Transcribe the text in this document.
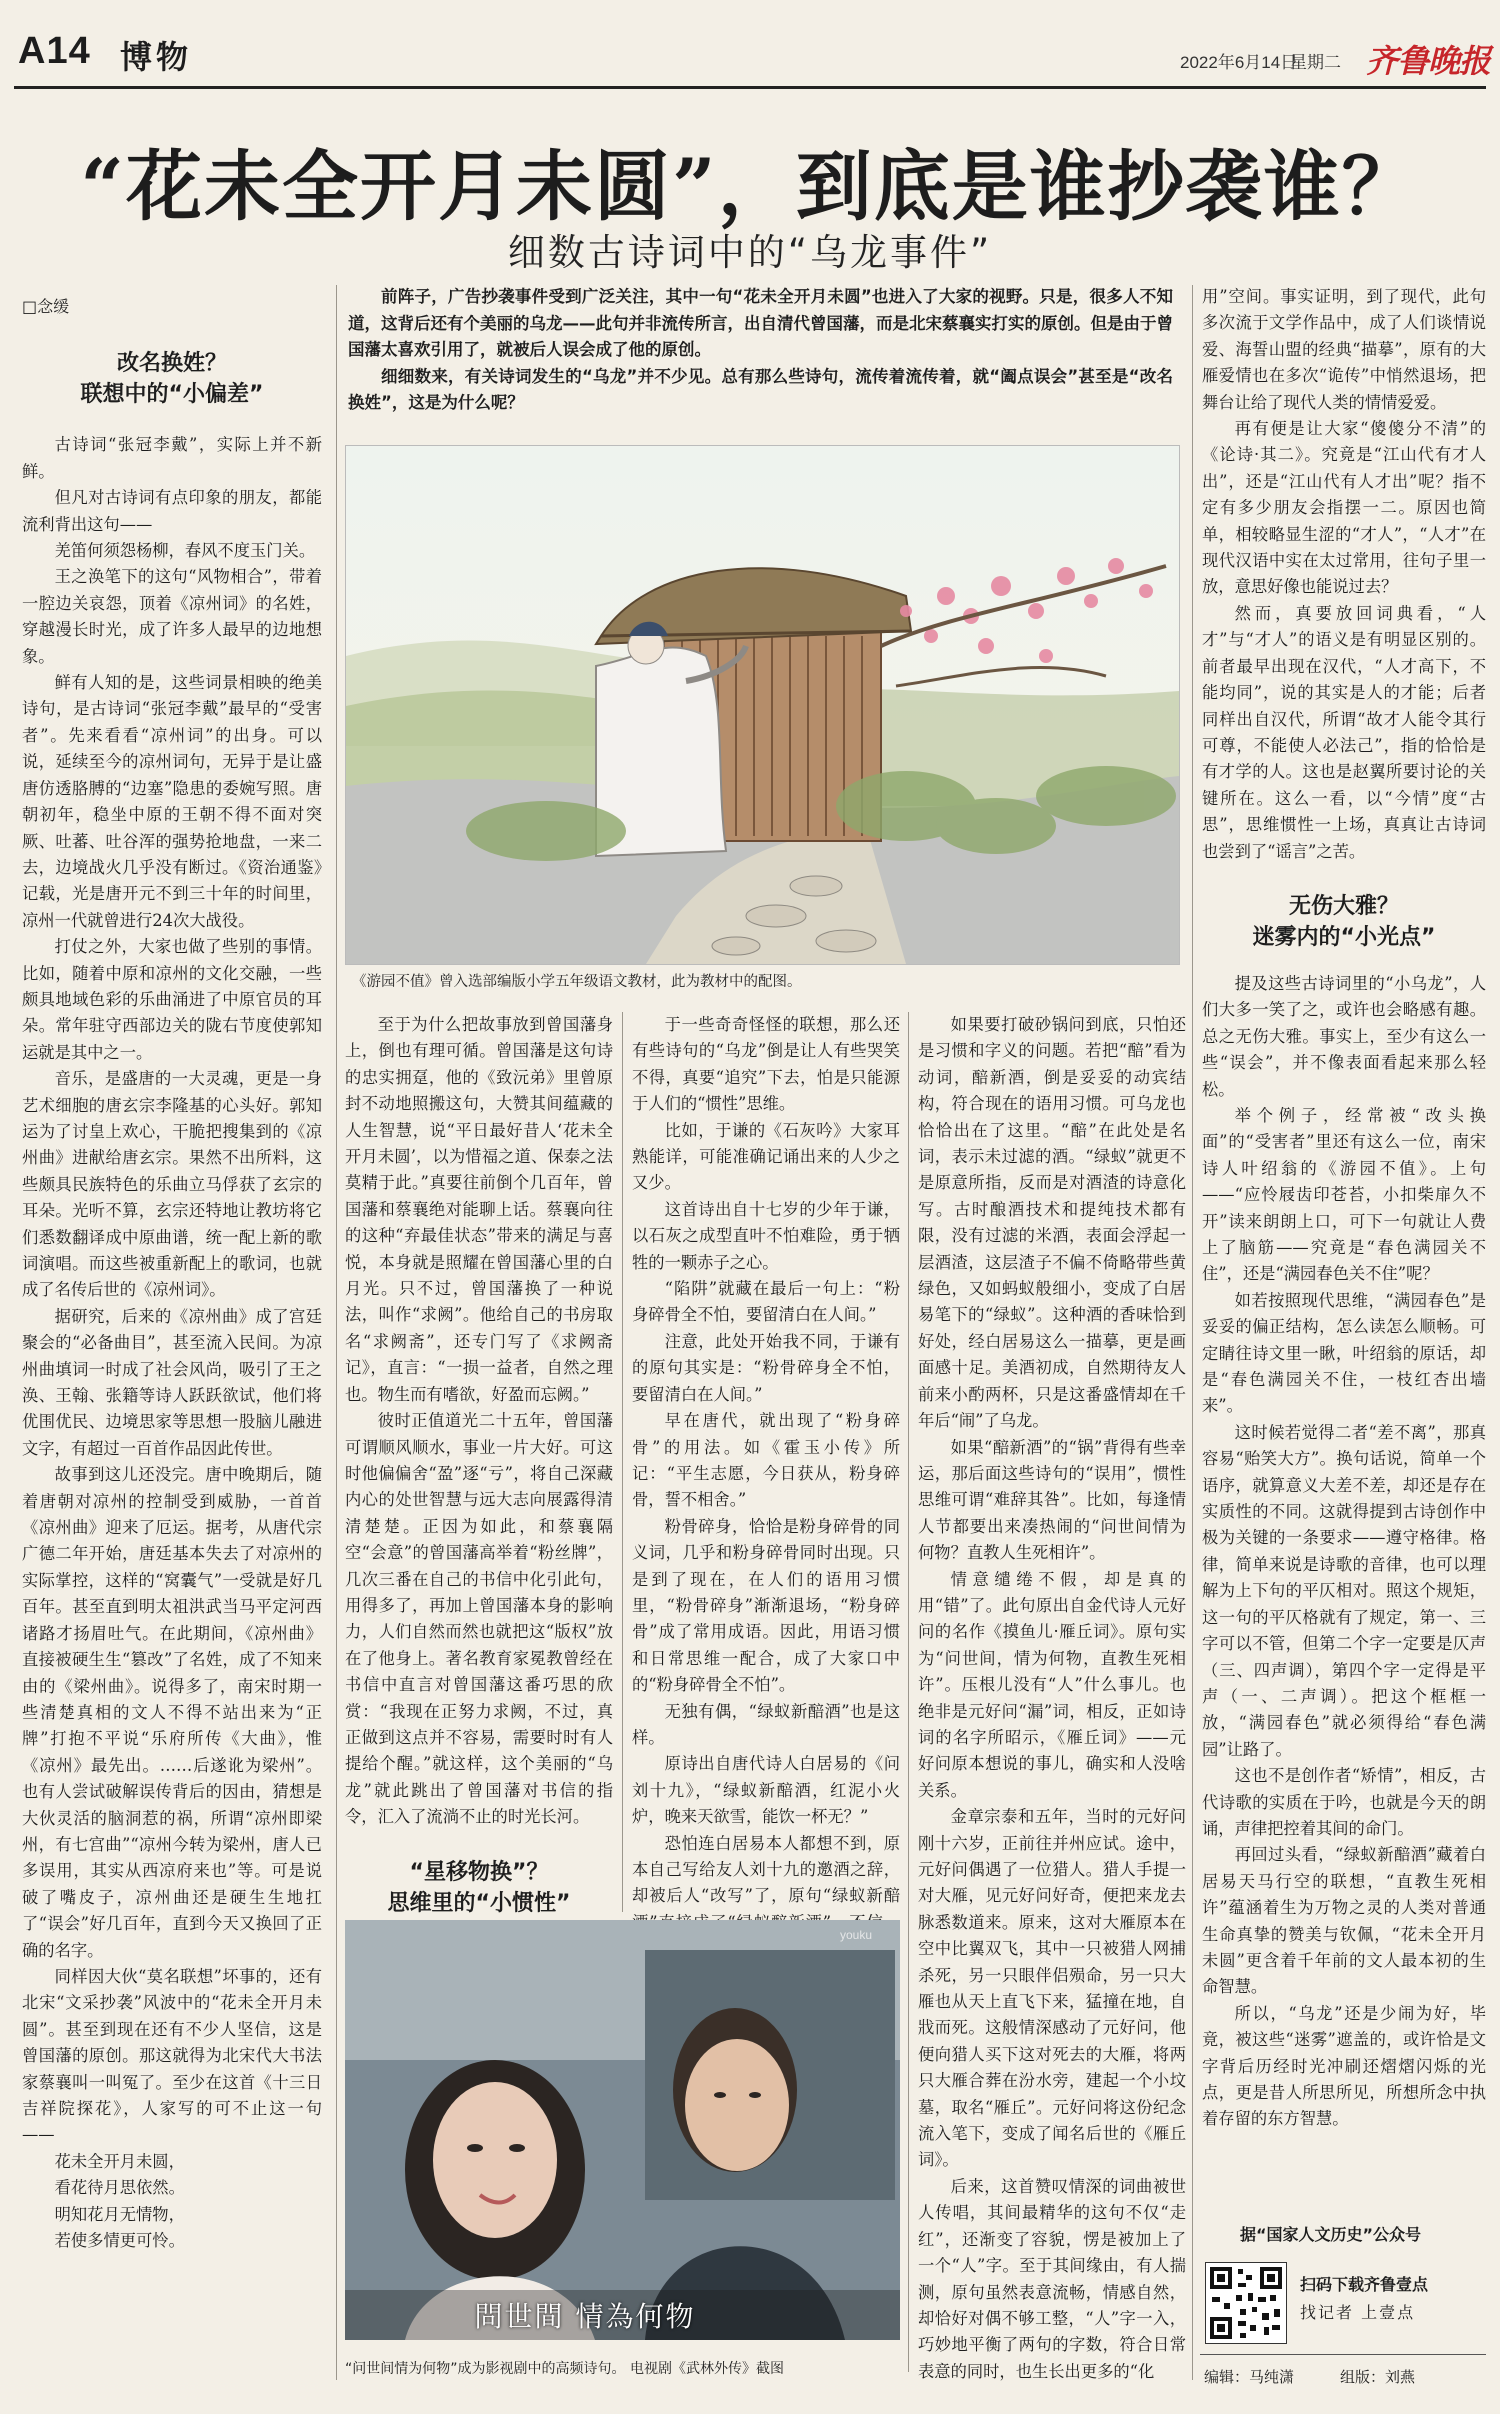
A14 博物	2022年6月14日
星期二 齐鲁晚报
“花未全开月未圆”，到底是谁抄袭谁？
细数古诗词中的“乌龙事件”
□念缓
改名换姓？
联想中的“小偏差”

古诗词“张冠李戴”，实际上并不新鲜。

但凡对古诗词有点印象的朋友，都能流利背出这句——

羌笛何须怨杨柳，春风不度玉门关。

王之涣笔下的这句“风物相合”，带着一腔边关哀怨，顶着《凉州词》的名姓，穿越漫长时光，成了许多人最早的边地想象。

鲜有人知的是，这些词景相映的绝美诗句，是古诗词“张冠李戴”最早的“受害者”。先来看看“凉州词”的出身。可以说，延续至今的凉州词句，无异于是让盛唐仿透胳膊的“边塞”隐患的委婉写照。唐朝初年，稳坐中原的王朝不得不面对突厥、吐蕃、吐谷浑的强势抢地盘，一来二去，边境战火几乎没有断过。《资治通鉴》记载，光是唐开元不到三十年的时间里，凉州一代就曾进行24次大战役。

打仗之外，大家也做了些别的事情。比如，随着中原和凉州的文化交融，一些颇具地域色彩的乐曲涌进了中原官员的耳朵。常年驻守西部边关的陇右节度使郭知运就是其中之一。

音乐，是盛唐的一大灵魂，更是一身艺术细胞的唐玄宗李隆基的心头好。郭知运为了讨皇上欢心，干脆把搜集到的《凉州曲》进献给唐玄宗。果然不出所料，这些颇具民族特色的乐曲立马俘获了玄宗的耳朵。光听不算，玄宗还特地让教坊将它们悉数翻译成中原曲谱，统一配上新的歌词演唱。而这些被重新配上的歌词，也就成了名传后世的《凉州词》。

据研究，后来的《凉州曲》成了宫廷聚会的“必备曲目”，甚至流入民间。为凉州曲填词一时成了社会风尚，吸引了王之涣、王翰、张籍等诗人跃跃欲试，他们将优围优民、边境思家等思想一股脑儿融进文字，有超过一百首作品因此传世。

故事到这儿还没完。唐中晚期后，随着唐朝对凉州的控制受到威胁，一首首《凉州曲》迎来了厄运。据考，从唐代宗广德二年开始，唐廷基本失去了对凉州的实际掌控，这样的“窝囊气”一受就是好几百年。甚至直到明太祖洪武当马平定河西诸路才扬眉吐气。在此期间，《凉州曲》直接被硬生生“篡改”了名姓，成了不知来由的《梁州曲》。说得多了，南宋时期一些清楚真相的文人不得不站出来为“正牌”打抱不平说“乐府所传《大曲》，惟《凉州》最先出。……后遂讹为梁州”。也有人尝试破解误传背后的因由，猜想是大伙灵活的脑洞惹的祸，所谓“凉州即梁州，有七宫曲”“凉州今转为梁州，唐人已多误用，其实从西凉府来也”等。可是说破了嘴皮子，凉州曲还是硬生生地扛了“误会”好几百年，直到今天又换回了正确的名字。

同样因大伙“莫名联想”坏事的，还有北宋“文采抄袭”风波中的“花未全开月未圆”。甚至到现在还有不少人坚信，这是曾国藩的原创。那这就得为北宋代大书法家蔡襄叫一叫冤了。至少在这首《十三日吉祥院探花》，人家写的可不止这一句——

花未全开月未圆，

看花待月思依然。

明知花月无情物，

若使多情更可怜。

前阵子，广告抄袭事件受到广泛关注，其中一句“花未全开月未圆”也进入了大家的视野。只是，很多人不知道，这背后还有个美丽的乌龙——此句并非流传所言，出自清代曾国藩，而是北宋蔡襄实打实的原创。但是由于曾国藩太喜欢引用了，就被后人误会成了他的原创。

细细数来，有关诗词发生的“乌龙”并不少见。总有那么些诗句，流传着流传着，就“阖点误会”甚至是“改名换姓”，这是为什么呢？

《游园不值》曾入选部编版小学五年级语文教材，此为教材中的配图。

至于为什么把故事放到曾国藩身上，倒也有理可循。曾国藩是这句诗的忠实拥趸，他的《致沅弟》里曾原封不动地照搬这句，大赞其间蕴藏的人生智慧，说“平日最好昔人‘花未全开月未圆’，以为惜福之道、保泰之法莫精于此。”真要往前倒个几百年，曾国藩和蔡襄绝对能聊上话。蔡襄向往的这种“弃最佳状态”带来的满足与喜悦，本身就是照耀在曾国藩心里的白月光。只不过，曾国藩换了一种说法，叫作“求阙”。他给自己的书房取名“求阙斋”，还专门写了《求阙斋记》，直言：“一损一益者，自然之理也。物生而有嗜欲，好盈而忘阙。”

彼时正值道光二十五年，曾国藩可谓顺风顺水，事业一片大好。可这时他偏偏舍“盈”逐“亏”，将自己深藏内心的处世智慧与远大志向展露得清清楚楚。正因为如此，和蔡襄隔空“会意”的曾国藩高举着“粉丝牌”，几次三番在自己的书信中化引此句，用得多了，再加上曾国藩本身的影响力，人们自然而然也就把这“版权”放在了他身上。著名教育家冕教曾经在书信中直言对曾国藩这番巧思的欣赏：“我现在正努力求阙，不过，真正做到这点并不容易，需要时时有人提给个醒。”就这样，这个美丽的“乌龙”就此跳出了曾国藩对书信的指令，汇入了流淌不止的时光长河。

“星移物换”？
思维里的“小惯性”

于一些奇奇怪怪的联想，那么还有些诗句的“乌龙”倒是让人有些哭笑不得，真要“追究”下去，怕是只能源于人们的“惯性”思维。

比如，于谦的《石灰吟》大家耳熟能详，可能准确记诵出来的人少之又少。

这首诗出自十七岁的少年于谦，以石灰之成型直叶不怕难险，勇于牺牲的一颗赤子之心。

“陷阱”就藏在最后一句上：“粉身碎骨全不怕，要留清白在人间。”

注意，此处开始我不同，于谦有的原句其实是：“粉骨碎身全不怕，要留清白在人间。”

早在唐代，就出现了“粉身碎骨”的用法。如《霍玉小传》所记：“平生志愿，今日获从，粉身碎骨，誓不相舍。”

粉骨碎身，恰恰是粉身碎骨的同义词，几乎和粉身碎骨同时出现。只是到了现在，在人们的语用习惯里，“粉骨碎身”渐渐退场，“粉身碎骨”成了常用成语。因此，用语习惯和日常思维一配合，成了大家口中的“粉身碎骨全不怕”。

无独有偶，“绿蚁新醅酒”也是这样。

原诗出自唐代诗人白居易的《问刘十九》，“绿蚁新醅酒，红泥小火炉，晚来天欲雪，能饮一杯无？”

恐怕连白居易本人都想不到，原本自己写给友人刘十九的邀酒之辞，却被后人“改写”了，原句“绿蚁新醅

問世間 情為何物
youku
“问世间情为何物”成为影视剧中的高频诗句。 电视剧《武林外传》截图

如果要打破砂锅问到底，只怕还是习惯和字义的问题。若把“醅”看为动词，醅新酒，倒是妥妥的动宾结构，符合现在的语用习惯。可乌龙也恰恰出在了这里。“醅”在此处是名词，表示未过滤的酒。“绿蚁”就更不是原意所指，反而是对酒渣的诗意化写。古时酿酒技术和提纯技术都有限，没有过滤的米酒，表面会浮起一层酒渣，这层渣子不偏不倚略带些黄绿色，又如蚂蚁般细小，变成了白居易笔下的“绿蚁”。这种酒的香味恰到好处，经白居易这么一描摹，更是画面感十足。美酒初成，自然期待友人前来小酌两杯，只是这番盛情却在千年后“闹”了乌龙。

如果“醅新酒”的“锅”背得有些幸运，那后面这些诗句的“误用”，惯性思维可谓“难辞其咎”。比如，每逢情人节都要出来凑热闹的“问世间情为何物？直教人生死相许”。

情意缱绻不假，却是真的用“错”了。此句原出自金代诗人元好问的名作《摸鱼儿·雁丘词》。原句实为“问世间，情为何物，直教生死相许”。压根儿没有“人”什么事儿。也绝非是元好问“漏”词，相反，正如诗词的名字所昭示，《雁丘词》——元好问原本想说的事儿，确实和人没啥关系。

金章宗泰和五年，当时的元好问刚十六岁，正前往并州应试。途中，元好问偶遇了一位猎人。猎人手提一对大雁，见元好问好奇，便把来龙去脉悉数道来。原来，这对大雁原本在空中比翼双飞，其中一只被猎人网捕杀死，另一只眼伴侣殒命，另一只大雁也从天上直飞下来，猛撞在地，自戕而死。这般情深感动了元好问，他便向猎人买下这对死去的大雁，将两只大雁合葬在汾水旁，建起一个小坟墓，取名“雁丘”。元好问将这份纪念流入笔下，变成了闻名后世的《雁丘词》。

后来，这首赞叹情深的词曲被世人传唱，其间最精华的这句不仅“走红”，还渐变了容貌，愣是被加上了一个“人”字。至于其间缘由，有人揣测，原句虽然表意流畅，情感自然，却恰好对偶不够工整，“人”字一入，巧妙地平衡了两句的字数，符合日常表意的同时，也生长出更多的“化

用”空间。事实证明，到了现代，此句多次流于文学作品中，成了人们谈情说爱、海誓山盟的经典“描摹”，原有的大雁爱情也在多次“诡传”中悄然退场，把舞台让给了现代人类的情情爱爱。

再有便是让大家“傻傻分不清”的《论诗·其二》。究竟是“江山代有才人出”，还是“江山代有人才出”呢？指不定有多少朋友会指摆一二。原因也简单，相较略显生涩的“才人”，“人才”在现代汉语中实在太过常用，往句子里一放，意思好像也能说过去？

然而，真要放回词典看，“人才”与“才人”的语义是有明显区别的。前者最早出现在汉代，“人才高下，不能均同”，说的其实是人的才能；后者同样出自汉代，所谓“故才人能令其行可尊，不能使人必法己”，指的恰恰是有才学的人。这也是赵翼所要讨论的关键所在。这么一看，以“今情”度“古思”，思维惯性一上场，真真让古诗词也尝到了“谣言”之苦。

无伤大雅？
迷雾内的“小光点”

提及这些古诗词里的“小乌龙”，人们大多一笑了之，或许也会略感有趣。总之无伤大雅。事实上，至少有这么一些“误会”，并不像表面看起来那么轻松。

举个例子，经常被“改头换面”的“受害者”里还有这么一位，南宋诗人叶绍翁的《游园不值》。上句——“应怜屐齿印苍苔，小扣柴扉久不开”读来朗朗上口，可下一句就让人费上了脑筋——究竟是“春色满园关不住”，还是“满园春色关不住”呢？

如若按照现代思维，“满园春色”是妥妥的偏正结构，怎么读怎么顺畅。可定睛往诗文里一瞅，叶绍翁的原话，却是“春色满园关不住，一枝红杏出墙来”。

这时候若觉得二者“差不离”，那真容易“贻笑大方”。换句话说，简单一个语序，就算意义大差不差，却还是存在实质性的不同。这就得提到古诗创作中极为关键的一条要求——遵守格律。格律，简单来说是诗歌的音律，也可以理解为上下句的平仄相对。照这个规矩，这一句的平仄格就有了规定，第一、三字可以不管，但第二个字一定要是仄声（三、四声调），第四个字一定得是平声（一、二声调）。把这个框框一放，“满园春色”就必须得给“春色满园”让路了。

这也不是创作者“矫情”，相反，古代诗歌的实质在于吟，也就是今天的朗诵，声律把控着其间的命门。

再回过头看，“绿蚁新醅酒”藏着白居易天马行空的联想，“直教生死相许”蕴涵着生为万物之灵的人类对普通生命真挚的赞美与钦佩，“花未全开月未圆”更含着千年前的文人最本初的生命智慧。

所以，“乌龙”还是少闹为好，毕竟，被这些“迷雾”遮盖的，或许恰是文字背后历经时光冲刷还熠熠闪烁的光点，更是昔人所思所见，所想所念中执着存留的东方智慧。

据“国家人文历史”公众号
扫码下载齐鲁壹点
找记者 上壹点
编辑：马纯潇	组版：刘燕
